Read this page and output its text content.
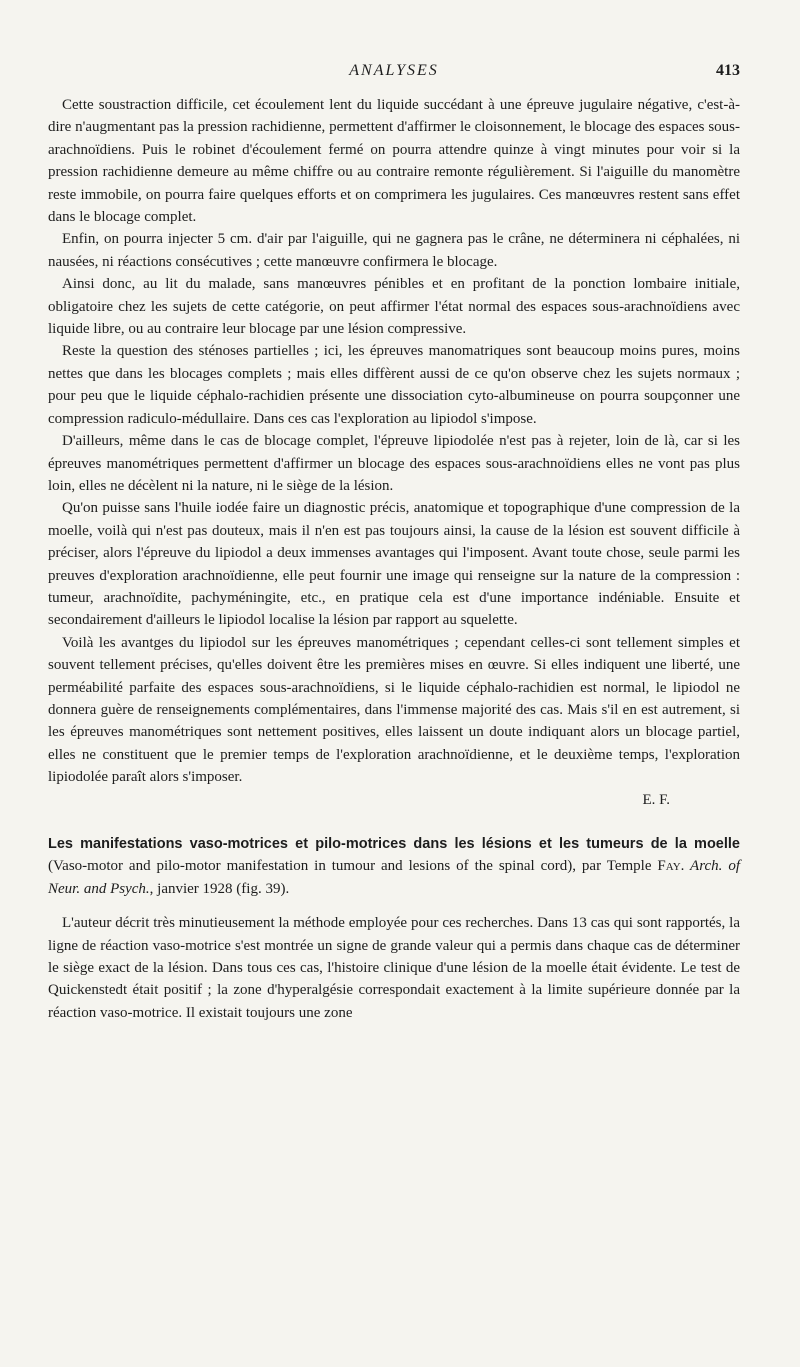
ANALYSES	413

Cette soustraction difficile, cet écoulement lent du liquide succédant à une épreuve jugulaire négative, c'est-à-dire n'augmentant pas la pression rachidienne, permettent d'affirmer le cloisonnement, le blocage des espaces sous-arachnoïdiens. Puis le robinet d'écoulement fermé on pourra attendre quinze à vingt minutes pour voir si la pression rachidienne demeure au même chiffre ou au contraire remonte régulièrement. Si l'aiguille du manomètre reste immobile, on pourra faire quelques efforts et on comprimera les jugulaires. Ces manœuvres restent sans effet dans le blocage complet.

Enfin, on pourra injecter 5 cm. d'air par l'aiguille, qui ne gagnera pas le crâne, ne déterminera ni céphalées, ni nausées, ni réactions consécutives ; cette manœuvre confirmera le blocage.

Ainsi donc, au lit du malade, sans manœuvres pénibles et en profitant de la ponction lombaire initiale, obligatoire chez les sujets de cette catégorie, on peut affirmer l'état normal des espaces sous-arachnoïdiens avec liquide libre, ou au contraire leur blocage par une lésion compressive.

Reste la question des sténoses partielles ; ici, les épreuves manomatriques sont beaucoup moins pures, moins nettes que dans les blocages complets ; mais elles diffèrent aussi de ce qu'on observe chez les sujets normaux ; pour peu que le liquide céphalo-rachidien présente une dissociation cyto-albumineuse on pourra soupçonner une compression radiculo-médullaire. Dans ces cas l'exploration au lipiodol s'impose.

D'ailleurs, même dans le cas de blocage complet, l'épreuve lipiodolée n'est pas à rejeter, loin de là, car si les épreuves manométriques permettent d'affirmer un blocage des espaces sous-arachnoïdiens elles ne vont pas plus loin, elles ne décèlent ni la nature, ni le siège de la lésion.

Qu'on puisse sans l'huile iodée faire un diagnostic précis, anatomique et topographique d'une compression de la moelle, voilà qui n'est pas douteux, mais il n'en est pas toujours ainsi, la cause de la lésion est souvent difficile à préciser, alors l'épreuve du lipiodol a deux immenses avantages qui l'imposent. Avant toute chose, seule parmi les preuves d'exploration arachnoïdienne, elle peut fournir une image qui renseigne sur la nature de la compression : tumeur, arachnoïdite, pachyméningite, etc., en pratique cela est d'une importance indéniable. Ensuite et secondairement d'ailleurs le lipiodol localise la lésion par rapport au squelette.

Voilà les avantges du lipiodol sur les épreuves manométriques ; cependant celles-ci sont tellement simples et souvent tellement précises, qu'elles doivent être les premières mises en œuvre. Si elles indiquent une liberté, une perméabilité parfaite des espaces sous-arachnoïdiens, si le liquide céphalo-rachidien est normal, le lipiodol ne donnera guère de renseignements complémentaires, dans l'immense majorité des cas. Mais s'il en est autrement, si les épreuves manométriques sont nettement positives, elles laissent un doute indiquant alors un blocage partiel, elles ne constituent que le premier temps de l'exploration arachnoïdienne, et le deuxième temps, l'exploration lipiodolée paraît alors s'imposer.

E. F.

Les manifestations vaso-motrices et pilo-motrices dans les lésions et les tumeurs de la moelle (Vaso-motor and pilo-motor manifestation in tumour and lesions of the spinal cord), par Temple Fay. Arch. of Neur. and Psych., janvier 1928 (fig. 39).

L'auteur décrit très minutieusement la méthode employée pour ces recherches. Dans 13 cas qui sont rapportés, la ligne de réaction vaso-motrice s'est montrée un signe de grande valeur qui a permis dans chaque cas de déterminer le siège exact de la lésion. Dans tous ces cas, l'histoire clinique d'une lésion de la moelle était évidente. Le test de Quickenstedt était positif ; la zone d'hyperalgésie correspondait exactement à la limite supérieure donnée par la réaction vaso-motrice. Il existait toujours une zone
